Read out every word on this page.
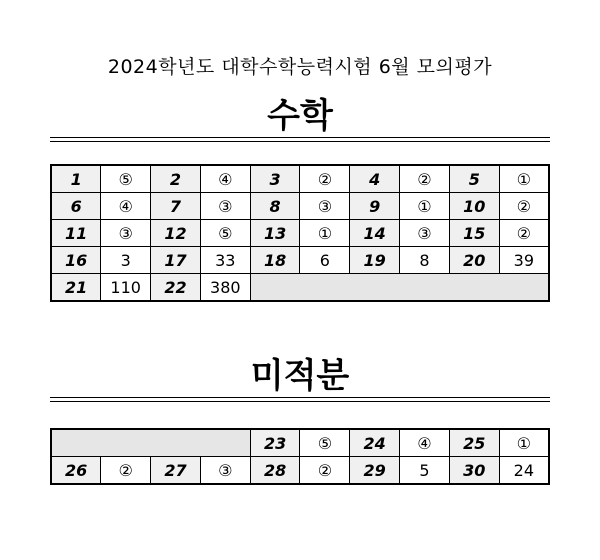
2024학년도 대학수학능력시험 6월 모의평가
수학
1	⑤	2	④	3	②	4	②	5	①
6	④	7	③	8	③	9	①	10	②
11	③	12	⑤	13	①	14	③	15	②
16	3	17	33	18	6	19	8	20	39
21	110	22	380						
미적분
				23	⑤	24	④	25	①
26	②	27	③	28	②	29	5	30	24
